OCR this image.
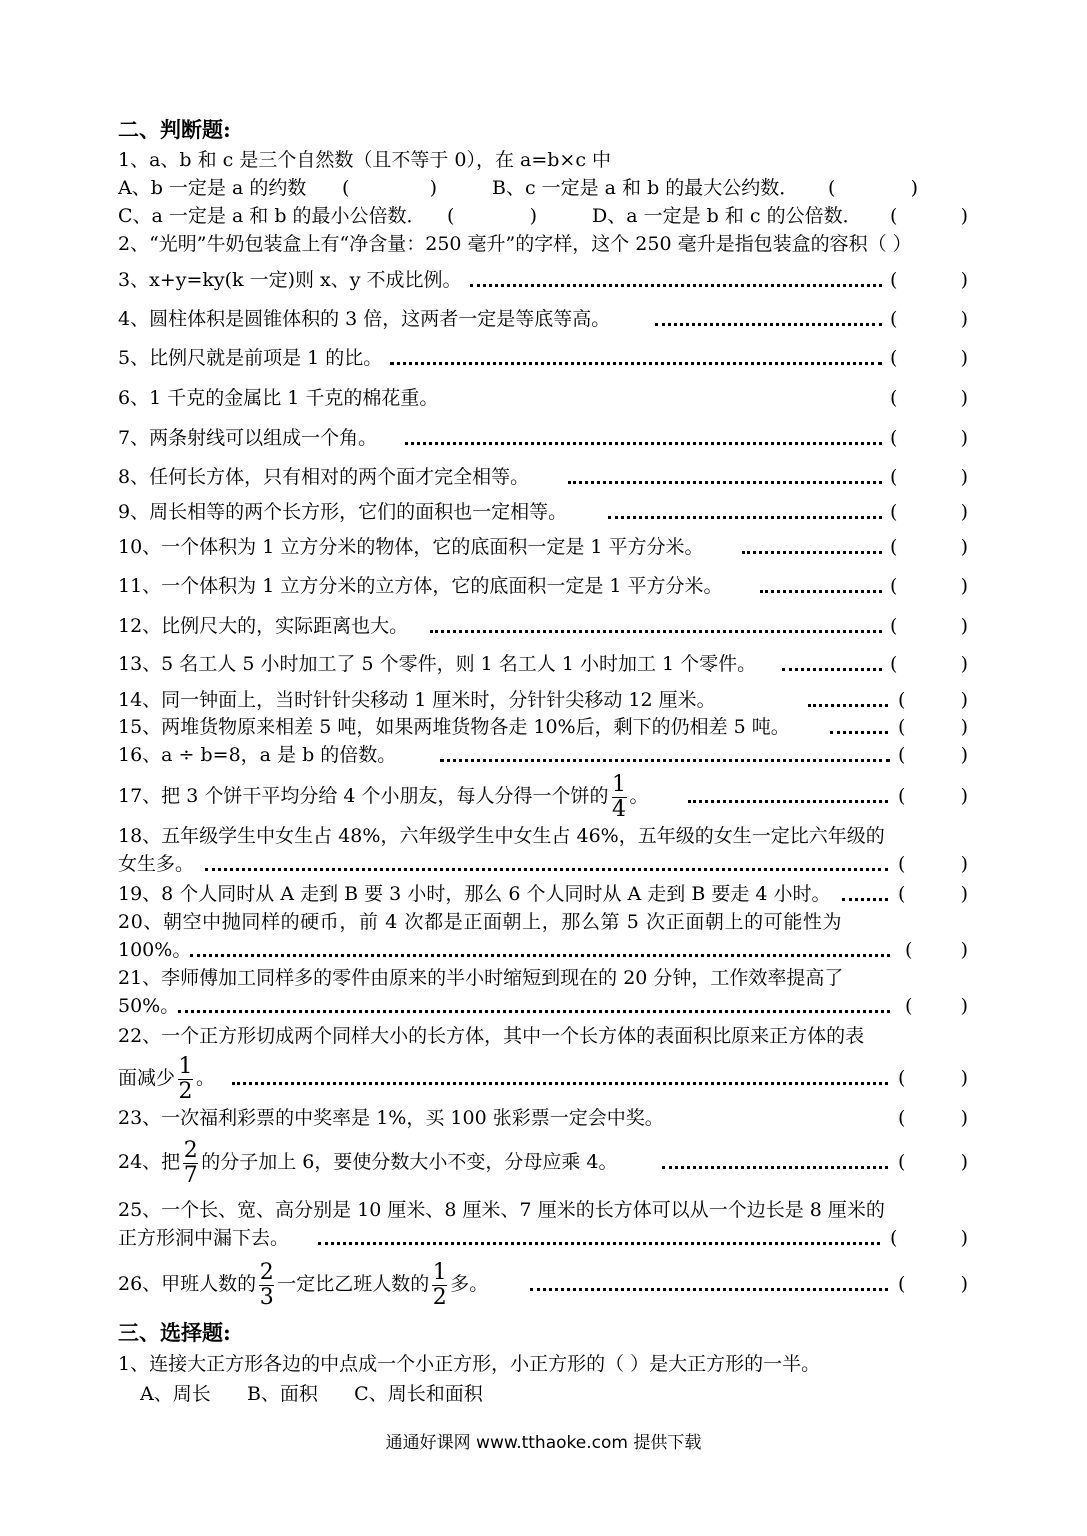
二、判断题:
1、a、b 和 c 是三个自然数（且不等于 0），在 a=b×c 中
A、b 一定是 a 的约数 (	)	B、c 一定是 a 和 b 的最大公约数． (	)
C、a 一定是 a 和 b 的最小公倍数． (	)	D、a 一定是 b 和 c 的公倍数．
2、“光明”牛奶包装盒上有“净含量：250 毫升”的字样，这个 250 毫升是指包装盒的容积（ ）
3、x+y=ky(k 一定)则 x、y 不成比例。
4、圆柱体积是圆锥体积的 3 倍，这两者一定是等底等高。
5、比例尺就是前项是 1 的比。
6、1 千克的金属比 1 千克的棉花重。
7、两条射线可以组成一个角。
8、任何长方体，只有相对的两个面才完全相等。
9、周长相等的两个长方形，它们的面积也一定相等。
10、一个体积为 1 立方分米的物体，它的底面积一定是 1 平方分米。
11、一个体积为 1 立方分米的立方体，它的底面积一定是 1 平方分米。
12、比例尺大的，实际距离也大。
13、5 名工人 5 小时加工了 5 个零件，则 1 名工人 1 小时加工 1 个零件。
14、同一钟面上，当时针针尖移动 1 厘米时，分针针尖移动 12 厘米。
15、两堆货物原来相差 5 吨，如果两堆货物各走 10%后，剩下的仍相差 5 吨。
16、a ÷ b=8，a 是 b 的倍数。
17、把 3 个饼干平均分给 4 个小朋友，每人分得一个饼的 $\frac{1}{4}$ 。
18、五年级学生中女生占 48%，六年级学生中女生占 46%，五年级的女生一定比六年级的
女生多。
19、8 个人同时从 A 走到 B 要 3 小时，那么 6 个人同时从 A 走到 B 要走 4 小时。
20、朝空中抛同样的硬币，前 4 次都是正面朝上，那么第 5 次正面朝上的可能性为
100%。
21、李师傅加工同样多的零件由原来的半小时缩短到现在的 20 分钟，工作效率提高了
50%。
22、一个正方形切成两个同样大小的长方体，其中一个长方体的表面积比原来正方体的表
面减少 $\frac{1}{2}$ 。
23、一次福利彩票的中奖率是 1%，买 100 张彩票一定会中奖。
24、把 $\frac{2}{7}$ 的分子加上 6，要使分数大小不变，分母应乘 4。
25、一个长、宽、高分别是 10 厘米、8 厘米、7 厘米的长方体可以从一个边长是 8 厘米的
正方形洞中漏下去。
26、甲班人数的 $\frac{2}{3}$ 一定比乙班人数的 $\frac{1}{2}$ 多。
三、选择题:
1、连接大正方形各边的中点成一个小正方形，小正方形的（ ）是大正方形的一半。
A、周长      B、面积      C、周长和面积
通通好课网 www.tthaoke.com 提供下载
